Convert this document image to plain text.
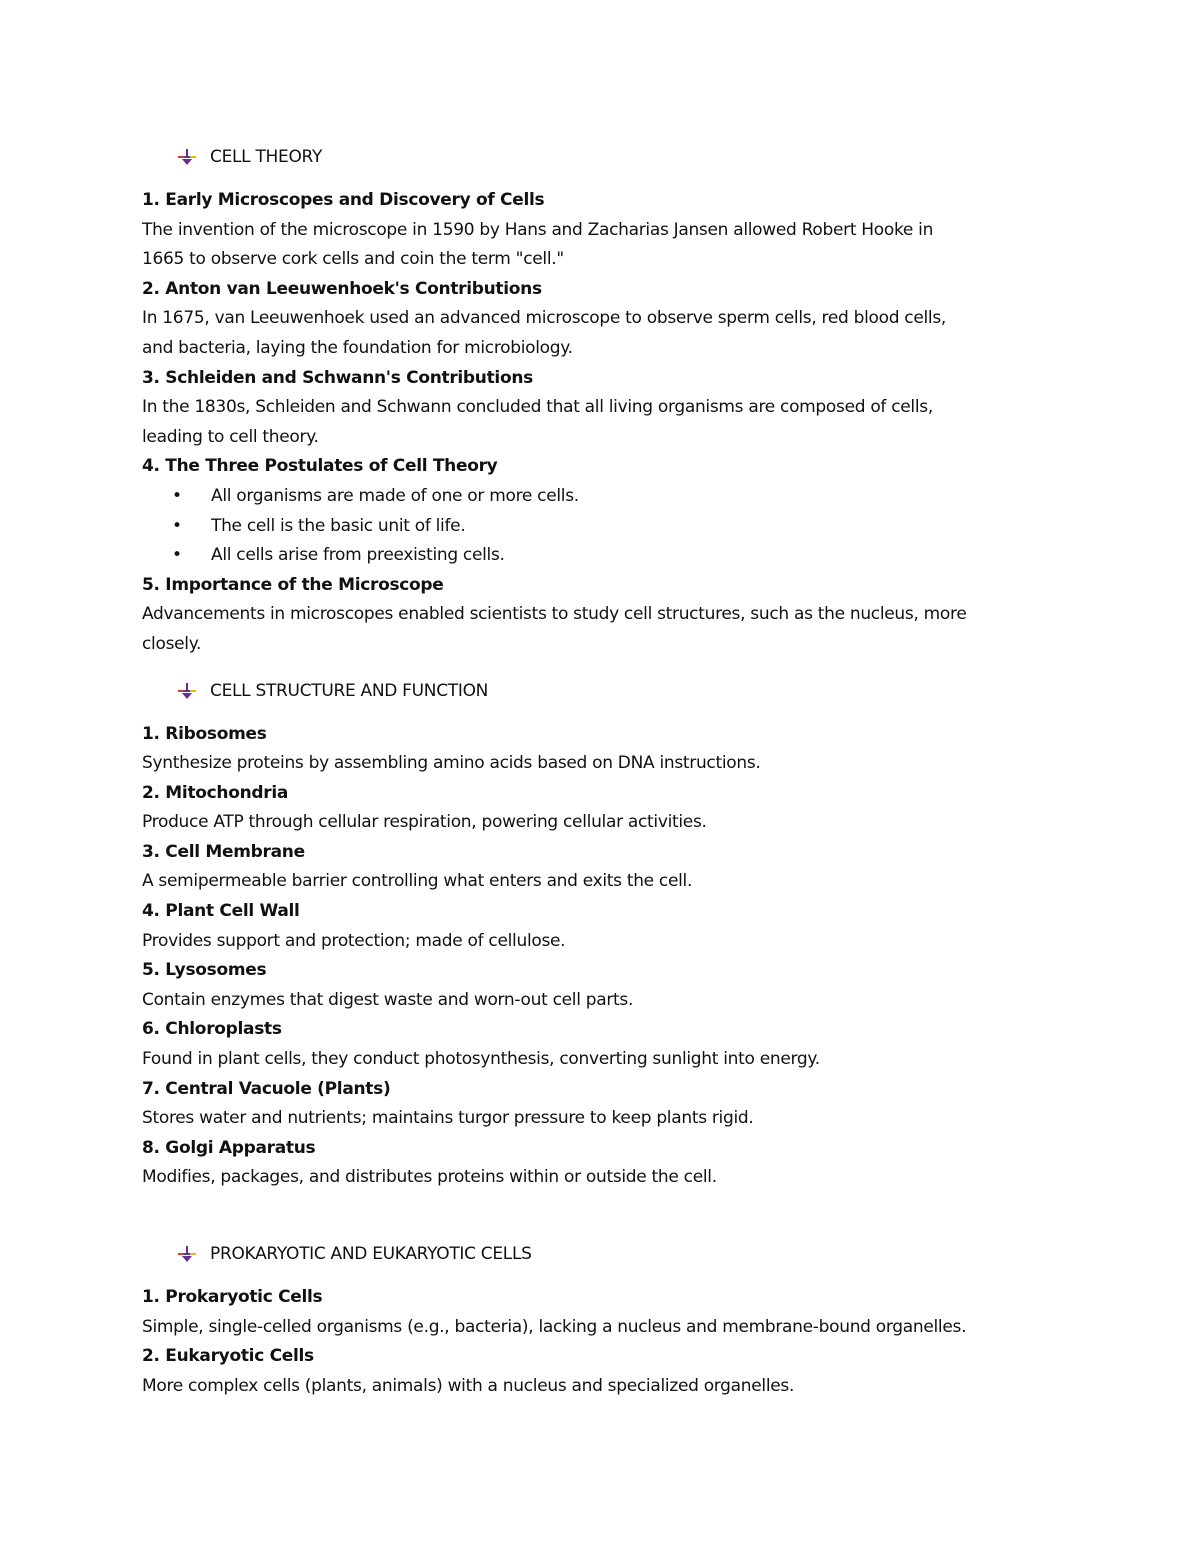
CELL THEORY
1. Early Microscopes and Discovery of Cells
The invention of the microscope in 1590 by Hans and Zacharias Jansen allowed Robert Hooke in
1665 to observe cork cells and coin the term "cell."
2. Anton van Leeuwenhoek's Contributions
In 1675, van Leeuwenhoek used an advanced microscope to observe sperm cells, red blood cells,
and bacteria, laying the foundation for microbiology.
3. Schleiden and Schwann's Contributions
In the 1830s, Schleiden and Schwann concluded that all living organisms are composed of cells,
leading to cell theory.
4. The Three Postulates of Cell Theory
• All organisms are made of one or more cells.
• The cell is the basic unit of life.
• All cells arise from preexisting cells.
5. Importance of the Microscope
Advancements in microscopes enabled scientists to study cell structures, such as the nucleus, more
closely.
CELL STRUCTURE AND FUNCTION
1. Ribosomes
Synthesize proteins by assembling amino acids based on DNA instructions.
2. Mitochondria
Produce ATP through cellular respiration, powering cellular activities.
3. Cell Membrane
A semipermeable barrier controlling what enters and exits the cell.
4. Plant Cell Wall
Provides support and protection; made of cellulose.
5. Lysosomes
Contain enzymes that digest waste and worn-out cell parts.
6. Chloroplasts
Found in plant cells, they conduct photosynthesis, converting sunlight into energy.
7. Central Vacuole (Plants)
Stores water and nutrients; maintains turgor pressure to keep plants rigid.
8. Golgi Apparatus
Modifies, packages, and distributes proteins within or outside the cell.
PROKARYOTIC AND EUKARYOTIC CELLS
1. Prokaryotic Cells
Simple, single-celled organisms (e.g., bacteria), lacking a nucleus and membrane-bound organelles.
2. Eukaryotic Cells
More complex cells (plants, animals) with a nucleus and specialized organelles.
